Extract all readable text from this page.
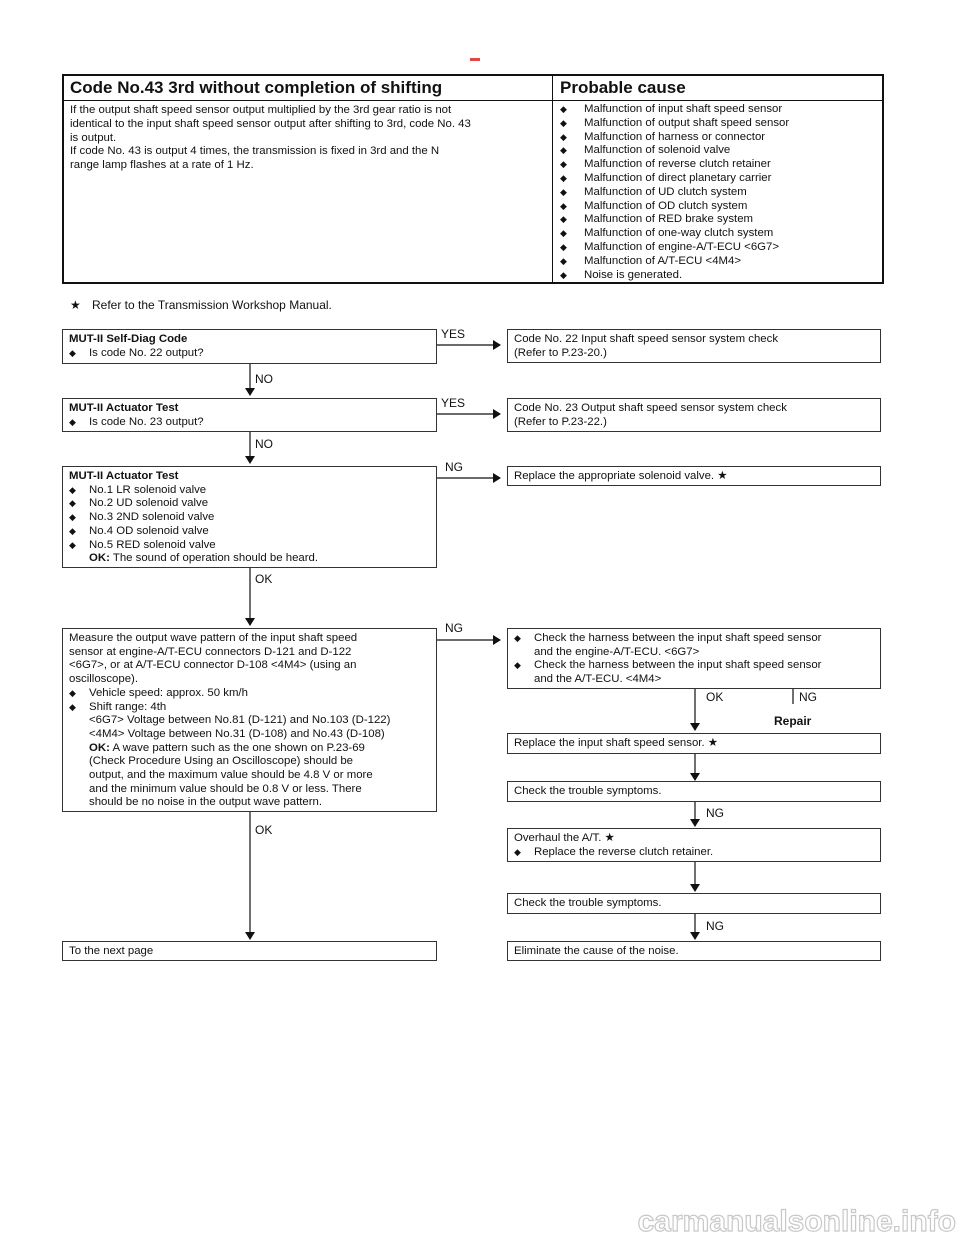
Code No.43 3rd without completion of shifting	Probable cause

If the output shaft speed sensor output multiplied by the 3rd gear ratio is not

identical to the input shaft speed sensor output after shifting to 3rd, code No. 43

is output.

If code No. 43 is output 4 times, the transmission is fixed in 3rd and the N

range lamp flashes at a rate of 1 Hz.

◆ Malfunction of input shaft speed sensor
◆ Malfunction of output shaft speed sensor
◆ Malfunction of harness or connector
◆ Malfunction of solenoid valve
◆ Malfunction of reverse clutch retainer
◆ Malfunction of direct planetary carrier
◆ Malfunction of UD clutch system
◆ Malfunction of OD clutch system
◆ Malfunction of RED brake system
◆ Malfunction of one-way clutch system
◆ Malfunction of engine-A/T-ECU <6G7>
◆ Malfunction of A/T-ECU <4M4>
◆ Noise is generated.
★ Refer to the Transmission Workshop Manual.

MUT-II Self-Diag Code

◆ Is code No. 22 output?

YES	Code No. 22 Input shaft speed sensor system check

(Refer to P.23-20.)

NO

MUT-II Actuator Test

◆ Is code No. 23 output?

YES	Code No. 23 Output shaft speed sensor system check

(Refer to P.23-22.)

NO

MUT-II Actuator Test

◆ No.1 LR solenoid valve

◆ No.2 UD solenoid valve

◆ No.3 2ND solenoid valve

◆ No.4 OD solenoid valve

◆ No.5 RED solenoid valve

OK: The sound of operation should be heard.

NG

Replace the appropriate solenoid valve. ★

OK

Measure the output wave pattern of the input shaft speed

sensor at engine-A/T-ECU connectors D-121 and D-122

<6G7>, or at A/T-ECU connector D-108 <4M4> (using an

oscilloscope).

◆ Vehicle speed: approx. 50 km/h

◆ Shift range: 4th

<6G7> Voltage between No.81 (D-121) and No.103 (D-122)

<4M4> Voltage between No.31 (D-108) and No.43 (D-108)

OK: A wave pattern such as the one shown on P.23-69

(Check Procedure Using an Oscilloscope) should be

output, and the maximum value should be 4.8 V or more

and the minimum value should be 0.8 V or less. There

should be no noise in the output wave pattern.

NG

◆ Check the harness between the input shaft speed sensor

and the engine-A/T-ECU. <6G7>

◆ Check the harness between the input shaft speed sensor

and the A/T-ECU. <4M4>

OK	NG
Repair

Replace the input shaft speed sensor. ★

Check the trouble symptoms.

NG

Overhaul the A/T. ★

◆ Replace the reverse clutch retainer.

Check the trouble symptoms.

NG

Eliminate the cause of the noise.

OK

To the next page

carmanualsonline.info
